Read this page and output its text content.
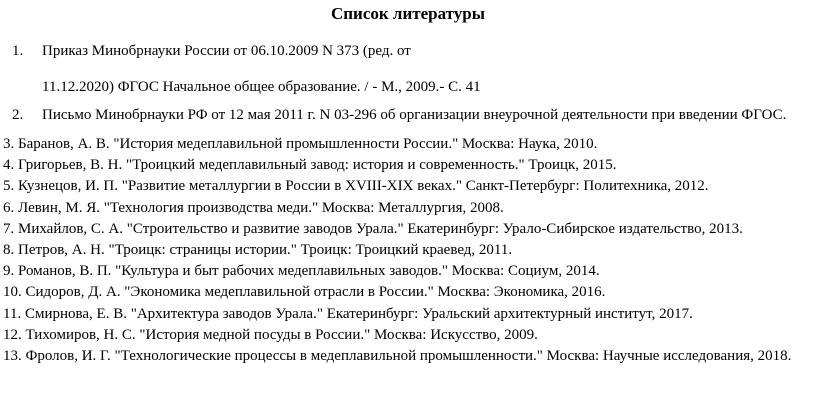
Список литературы
1. Приказ Минобрнауки России от 06.10.2009 N 373 (ред. от
11.12.2020) ФГОС Начальное общее образование. / - М., 2009.- С. 41
2. Письмо Минобрнауки РФ от 12 мая 2011 г. N 03-296 об организации внеурочной деятельности при введении ФГОС.
3. Баранов, А. В. "История медеплавильной промышленности России." Москва: Наука, 2010.
4. Григорьев, В. Н. "Троицкий медеплавильный завод: история и современность." Троицк, 2015.
5. Кузнецов, И. П. "Развитие металлургии в России в XVIII-XIX веках." Санкт-Петербург: Политехника, 2012.
6. Левин, М. Я. "Технология производства меди." Москва: Металлургия, 2008.
7. Михайлов, С. А. "Строительство и развитие заводов Урала." Екатеринбург: Урало-Сибирское издательство, 2013.
8. Петров, А. Н. "Троицк: страницы истории." Троицк: Троицкий краевед, 2011.
9. Романов, В. П. "Культура и быт рабочих медеплавильных заводов." Москва: Социум, 2014.
10. Сидоров, Д. А. "Экономика медеплавильной отрасли в России." Москва: Экономика, 2016.
11. Смирнова, Е. В. "Архитектура заводов Урала." Екатеринбург: Уральский архитектурный институт, 2017.
12. Тихомиров, Н. С. "История медной посуды в России." Москва: Искусство, 2009.
13. Фролов, И. Г. "Технологические процессы в медеплавильной промышленности." Москва: Научные исследования, 2018.
